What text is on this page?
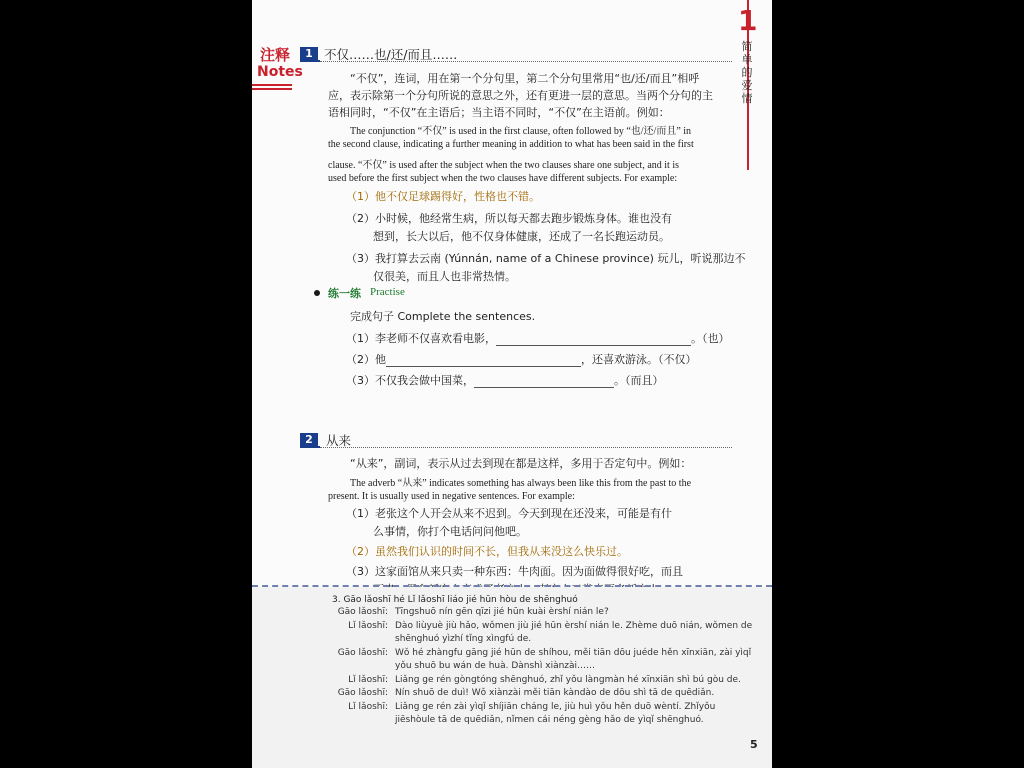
1
简单的爱情
注释
Notes
1 不仅……也/还/而且……
“不仅”，连词，用在第一个分句里，第二个分句里常用“也/还/而且”相呼
应，表示除第一个分句所说的意思之外，还有更进一层的意思。当两个分句的主
语相同时，“不仅”在主语后；当主语不同时，“不仅”在主语前。例如：
The conjunction “不仅” is used in the first clause, often followed by “也/还/而且” in
the second clause, indicating a further meaning in addition to what has been said in the first
clause. “不仅” is used after the subject when the two clauses share one subject, and it is
used before the first subject when the two clauses have different subjects. For example:
（1）他不仅足球踢得好，性格也不错。
（2）小时候，他经常生病，所以每天都去跑步锻炼身体。谁也没有
想到，长大以后，他不仅身体健康，还成了一名长跑运动员。
（3）我打算去云南 (Yúnnán, name of a Chinese province) 玩儿，听说那边不
仅很美，而且人也非常热情。
练一练 Practise
完成句子 Complete the sentences.
（1）李老师不仅喜欢看电影，	。（也）
（2）他	，还喜欢游泳。（不仅）
（3）不仅我会做中国菜，	。（而且）
2	从来
“从来”，副词，表示从过去到现在都是这样，多用于否定句中。例如：
The adverb “从来” indicates something has always been like this from the past to the
present. It is usually used in negative sentences. For example:
（1）老张这个人开会从来不迟到。今天到现在还没来，可能是有什
么事情，你打个电话问问他吧。
（2）虽然我们认识的时间不长，但我从来没这么快乐过。
（3）这家面馆从来只卖一种东西：牛肉面。因为面做得很好吃，而且
3. Gāo lǎoshī hé Lǐ lǎoshī liáo jié hūn hòu de shēnghuó
Gāo lǎoshī: Tīngshuō nín gēn qīzi jié hūn kuài èrshí nián le?
Lǐ lǎoshī: Dào liùyuè jiù hǎo, wǒmen jiù jié hūn èrshí nián le. Zhème duō nián, wǒmen de
shēnghuó yìzhí tǐng xìngfú de.
Gāo lǎoshī: Wǒ hé zhàngfu gāng jié hūn de shíhou, měi tiān dōu juéde hěn xīnxiān, zài yìqǐ
yǒu shuō bu wán de huà. Dànshì xiànzài……
Lǐ lǎoshī: Liǎng ge rén gòngtóng shēnghuó, zhǐ yǒu làngmàn hé xīnxiān shì bú gòu de.
Gāo lǎoshī: Nín shuō de duì! Wǒ xiànzài měi tiān kàndào de dōu shì tā de quēdiǎn.
Lǐ lǎoshī: Liǎng ge rén zài yìqǐ shíjiān cháng le, jiù huì yǒu hěn duō wèntí. Zhǐyǒu
jiēshòule tā de quēdiǎn, nǐmen cái néng gèng hǎo de yìqǐ shēnghuó.
5
